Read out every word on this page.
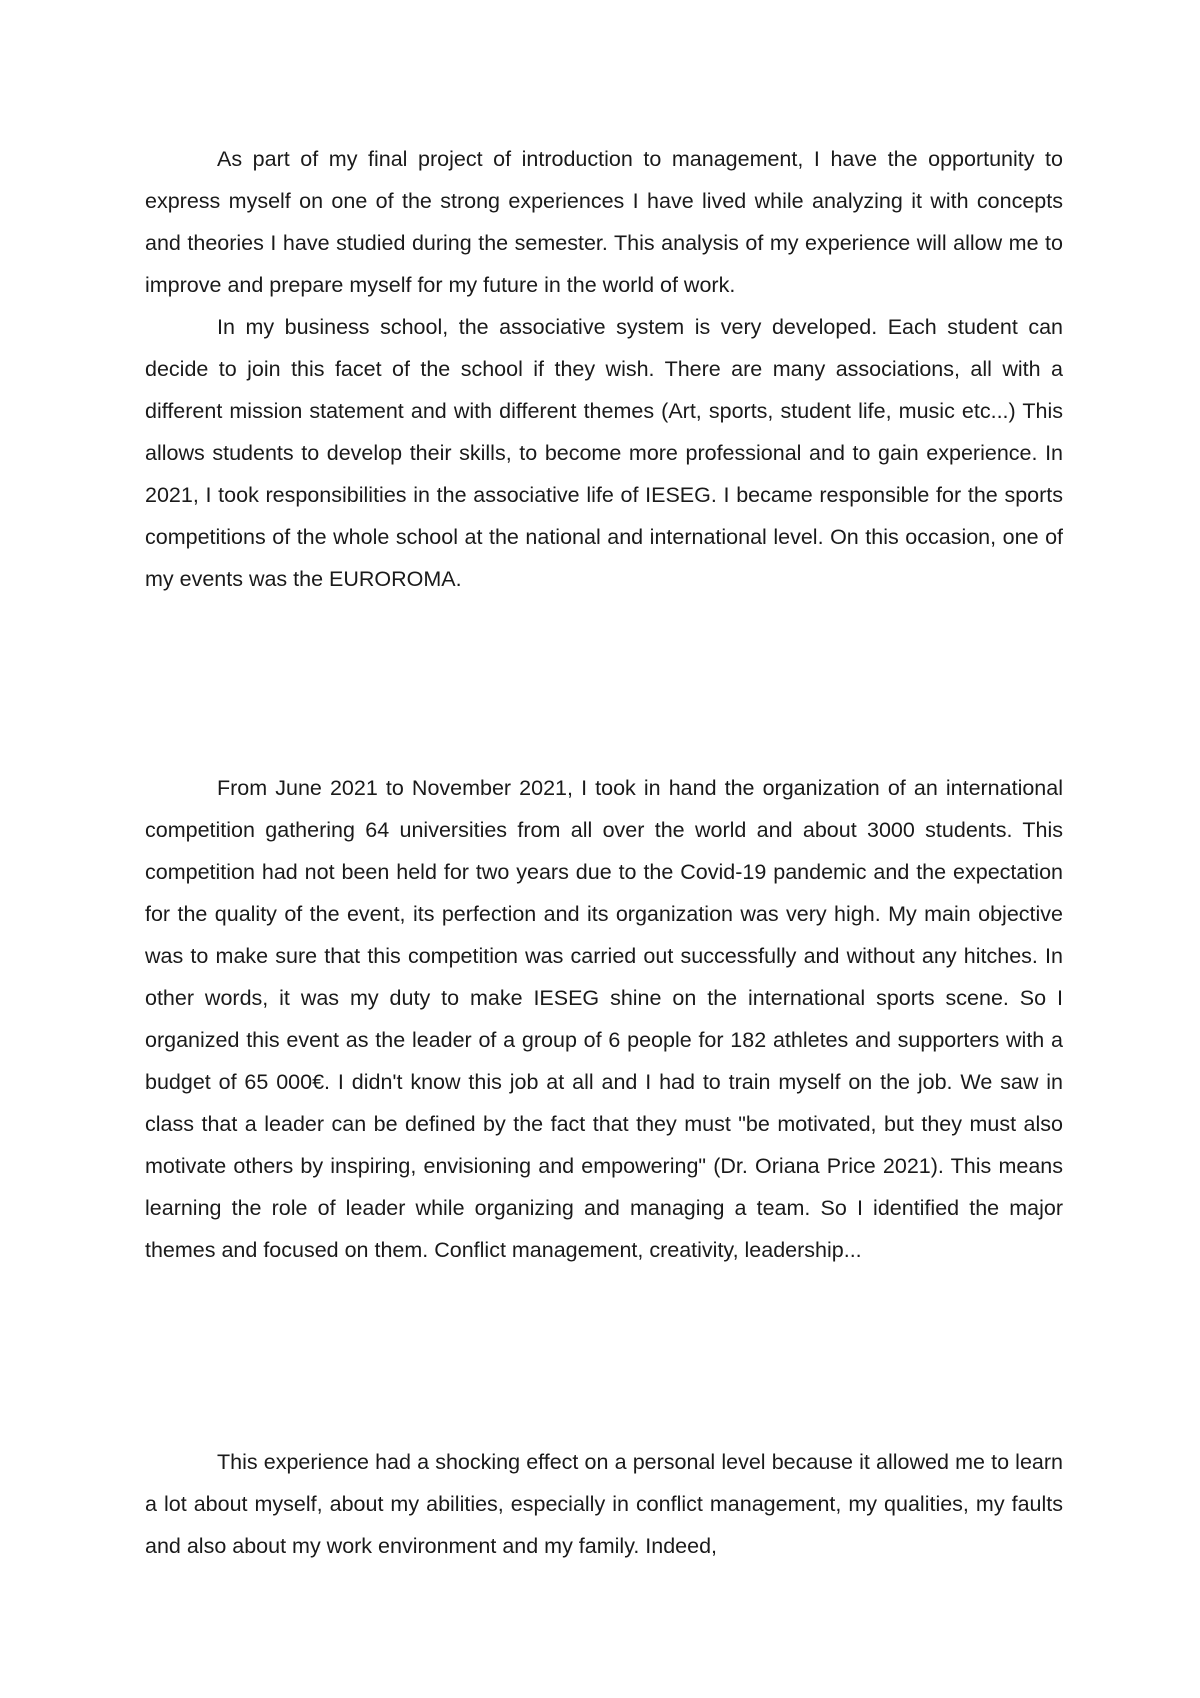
As part of my final project of introduction to management, I have the opportunity to express myself on one of the strong experiences I have lived while analyzing it with concepts and theories I have studied during the semester. This analysis of my experience will allow me to improve and prepare myself for my future in the world of work.

In my business school, the associative system is very developed. Each student can decide to join this facet of the school if they wish. There are many associations, all with a different mission statement and with different themes (Art, sports, student life, music etc...) This allows students to develop their skills, to become more professional and to gain experience. In 2021, I took responsibilities in the associative life of IESEG. I became responsible for the sports competitions of the whole school at the national and international level. On this occasion, one of my events was the EUROROMA.

From June 2021 to November 2021, I took in hand the organization of an international competition gathering 64 universities from all over the world and about 3000 students. This competition had not been held for two years due to the Covid-19 pandemic and the expectation for the quality of the event, its perfection and its organization was very high. My main objective was to make sure that this competition was carried out successfully and without any hitches. In other words, it was my duty to make IESEG shine on the international sports scene. So I organized this event as the leader of a group of 6 people for 182 athletes and supporters with a budget of 65 000€. I didn't know this job at all and I had to train myself on the job. We saw in class that a leader can be defined by the fact that they must "be motivated, but they must also motivate others by inspiring, envisioning and empowering" (Dr. Oriana Price 2021). This means learning the role of leader while organizing and managing a team. So I identified the major themes and focused on them. Conflict management, creativity, leadership...

This experience had a shocking effect on a personal level because it allowed me to learn a lot about myself, about my abilities, especially in conflict management, my qualities, my faults and also about my work environment and my family. Indeed,
